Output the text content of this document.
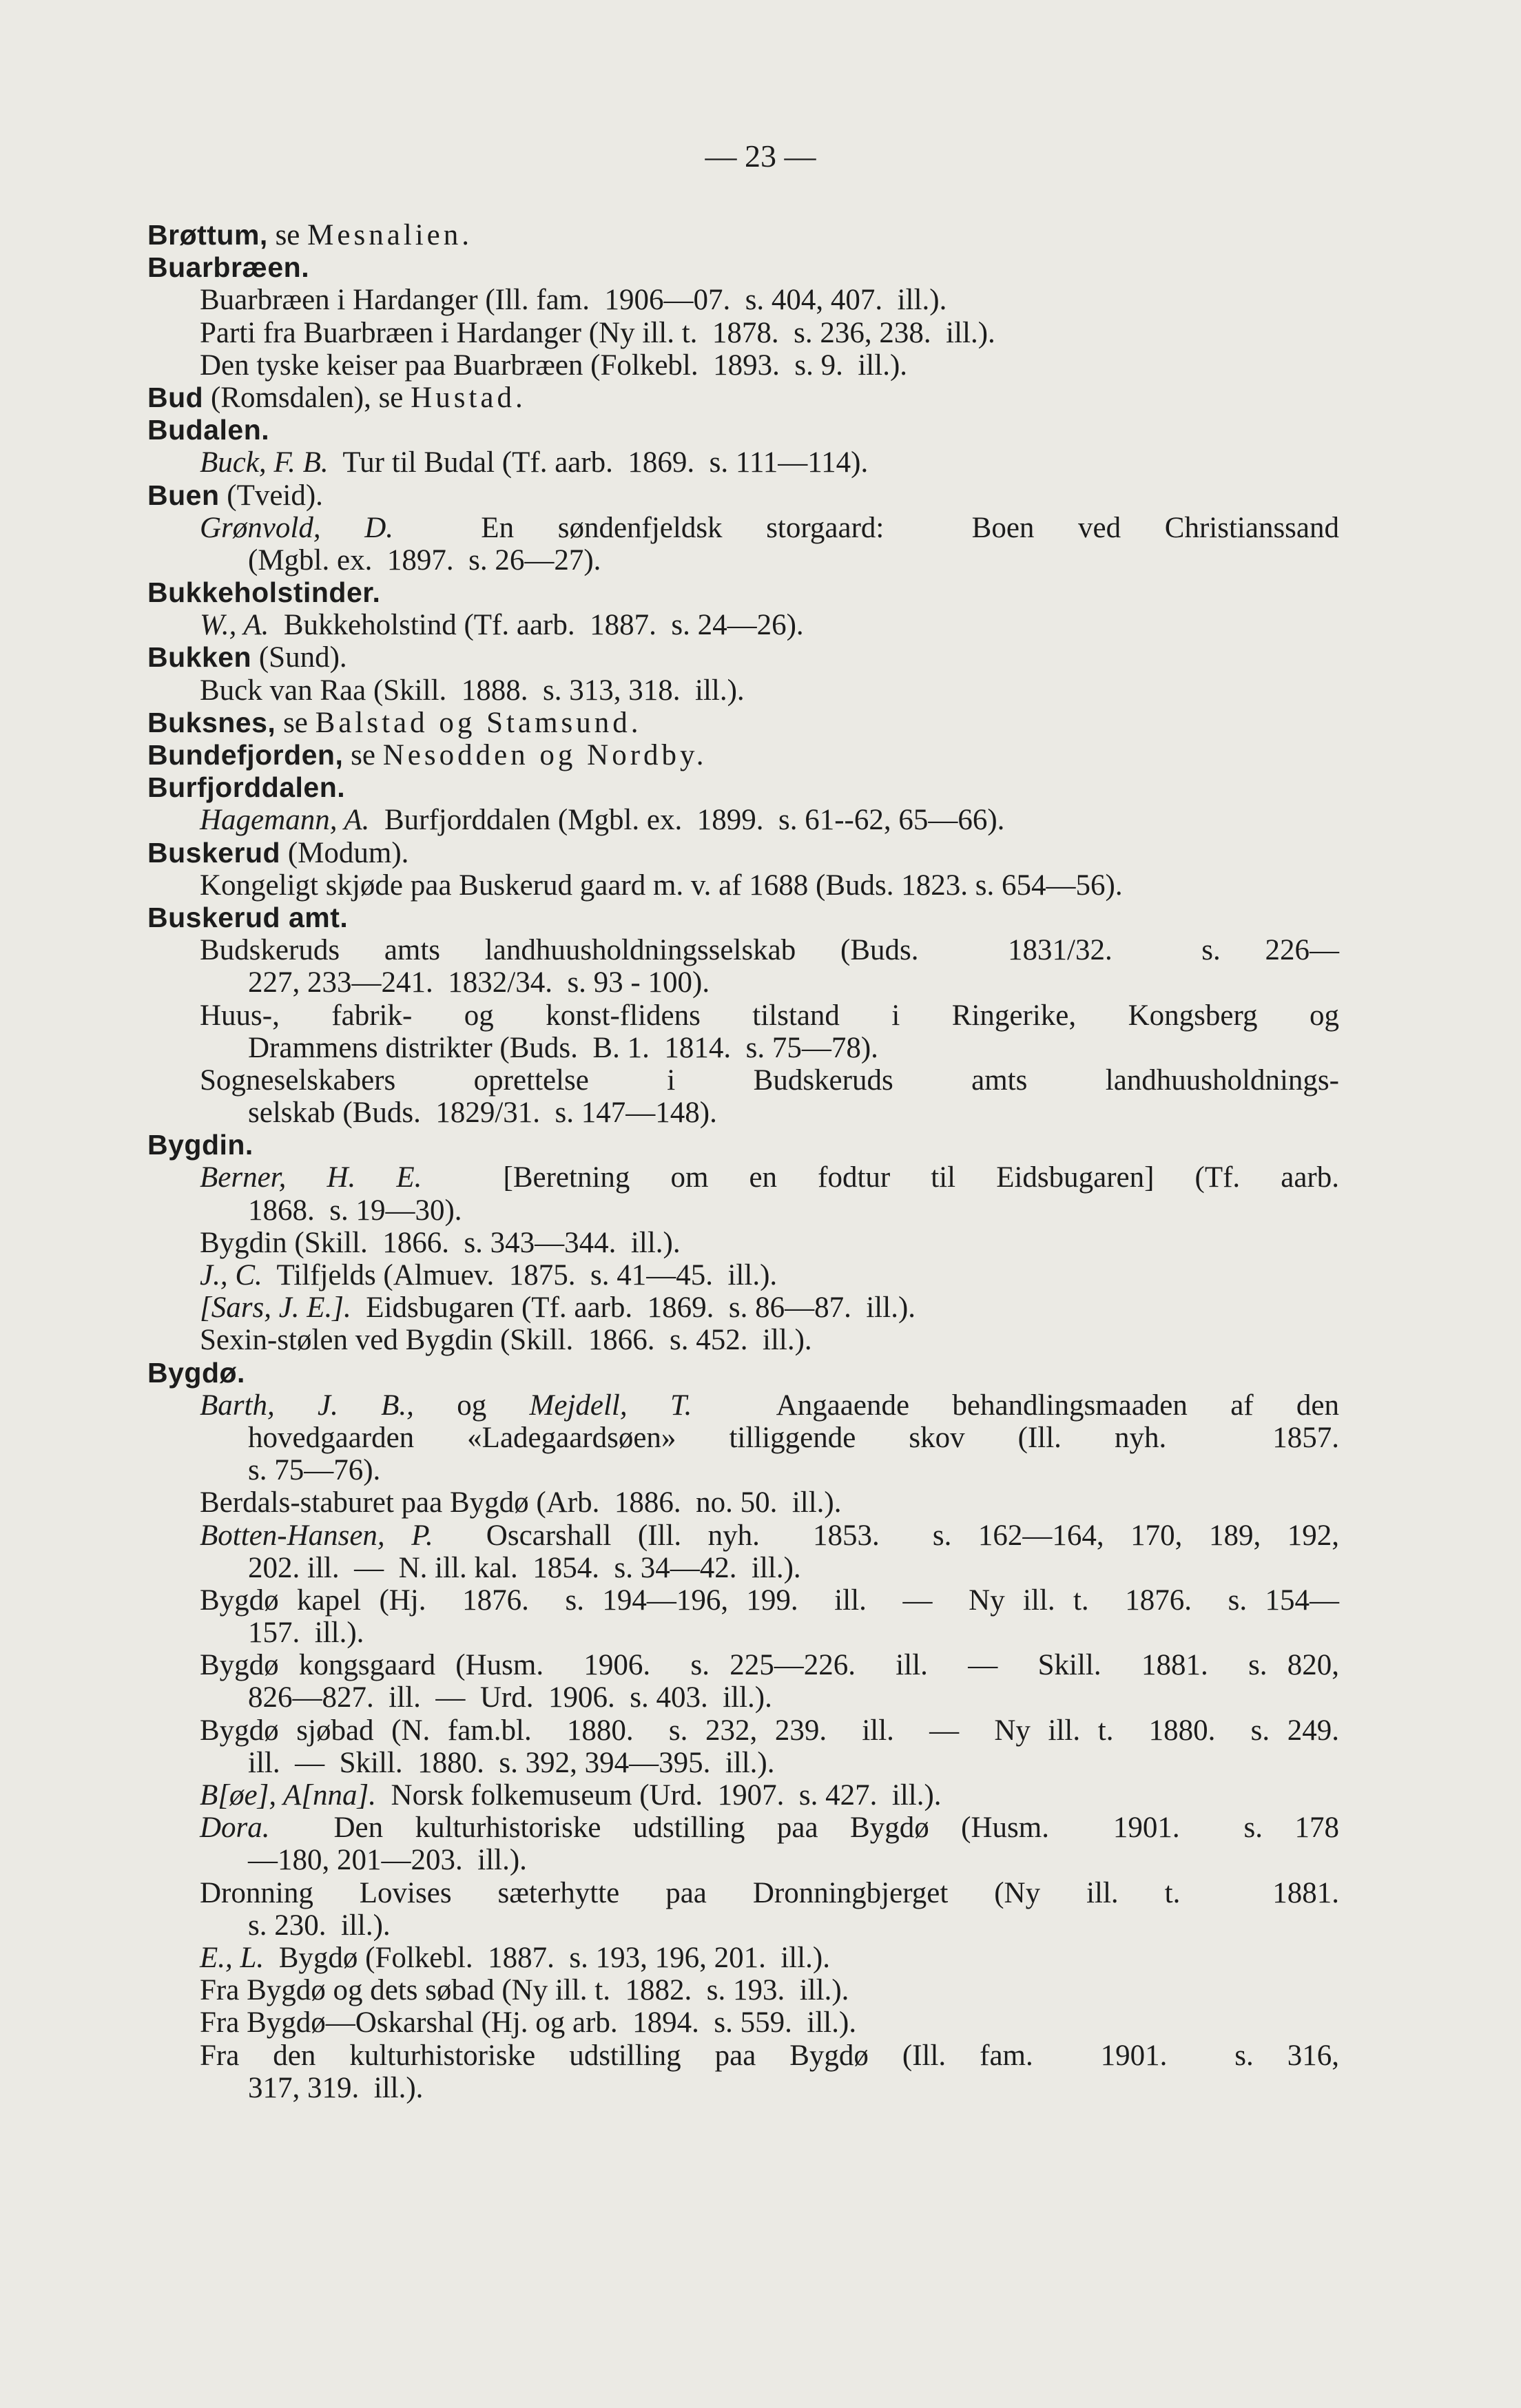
— 23 —
Brøttum, se Mesnalien.
Buarbræen.
Buarbræen i Hardanger (Ill. fam.  1906—07.  s. 404, 407.  ill.).
Parti fra Buarbræen i Hardanger (Ny ill. t.  1878.  s. 236, 238.  ill.).
Den tyske keiser paa Buarbræen (Folkebl.  1893.  s. 9.  ill.).
Bud (Romsdalen), se Hustad.
Budalen.
Buck, F. B.  Tur til Budal (Tf. aarb.  1869.  s. 111—114).
Buen (Tveid).
Grønvold, D.  En søndenfjeldsk storgaard:  Boen ved Christianssand
(Mgbl. ex.  1897.  s. 26—27).
Bukkeholstinder.
W., A.  Bukkeholstind (Tf. aarb.  1887.  s. 24—26).
Bukken (Sund).
Buck van Raa (Skill.  1888.  s. 313, 318.  ill.).
Buksnes, se Balstad og Stamsund.
Bundefjorden, se Nesodden og Nordby.
Burfjorddalen.
Hagemann, A.  Burfjorddalen (Mgbl. ex.  1899.  s. 61--62, 65—66).
Buskerud (Modum).
Kongeligt skjøde paa Buskerud gaard m. v. af 1688 (Buds. 1823. s. 654—56).
Buskerud amt.
Budskeruds amts landhuusholdningsselskab (Buds.  1831/32.  s. 226—
227, 233—241.  1832/34.  s. 93 - 100).
Huus-, fabrik- og konst-flidens tilstand i Ringerike, Kongsberg og
Drammens distrikter (Buds.  B. 1.  1814.  s. 75—78).
Sogneselskabers oprettelse i Budskeruds amts landhuusholdnings-
selskab (Buds.  1829/31.  s. 147—148).
Bygdin.
Berner, H. E.  [Beretning om en fodtur til Eidsbugaren] (Tf. aarb.
1868.  s. 19—30).
Bygdin (Skill.  1866.  s. 343—344.  ill.).
J., C.  Tilfjelds (Almuev.  1875.  s. 41—45.  ill.).
[Sars, J. E.].  Eidsbugaren (Tf. aarb.  1869.  s. 86—87.  ill.).
Sexin-stølen ved Bygdin (Skill.  1866.  s. 452.  ill.).
Bygdø.
Barth, J. B., og Mejdell, T.  Angaaende behandlingsmaaden af den
hovedgaarden «Ladegaardsøen» tilliggende skov (Ill. nyh.  1857.
s. 75—76).
Berdals-staburet paa Bygdø (Arb.  1886.  no. 50.  ill.).
Botten-Hansen, P.  Oscarshall (Ill. nyh.  1853.  s. 162—164, 170, 189, 192,
202. ill.  —  N. ill. kal.  1854.  s. 34—42.  ill.).
Bygdø kapel (Hj.  1876.  s. 194—196, 199.  ill.  —  Ny ill. t.  1876.  s. 154—
157.  ill.).
Bygdø kongsgaard (Husm.  1906.  s. 225—226.  ill.  —  Skill.  1881.  s. 820,
826—827.  ill.  —  Urd.  1906.  s. 403.  ill.).
Bygdø sjøbad (N. fam.bl.  1880.  s. 232, 239.  ill.  —  Ny ill. t.  1880.  s. 249.
ill.  —  Skill.  1880.  s. 392, 394—395.  ill.).
B[øe], A[nna].  Norsk folkemuseum (Urd.  1907.  s. 427.  ill.).
Dora.  Den kulturhistoriske udstilling paa Bygdø (Husm.  1901.  s. 178
—180, 201—203.  ill.).
Dronning Lovises sæterhytte paa Dronningbjerget (Ny ill. t.  1881.
s. 230.  ill.).
E., L.  Bygdø (Folkebl.  1887.  s. 193, 196, 201.  ill.).
Fra Bygdø og dets søbad (Ny ill. t.  1882.  s. 193.  ill.).
Fra Bygdø—Oskarshal (Hj. og arb.  1894.  s. 559.  ill.).
Fra den kulturhistoriske udstilling paa Bygdø (Ill. fam.  1901.  s. 316,
317, 319.  ill.).
